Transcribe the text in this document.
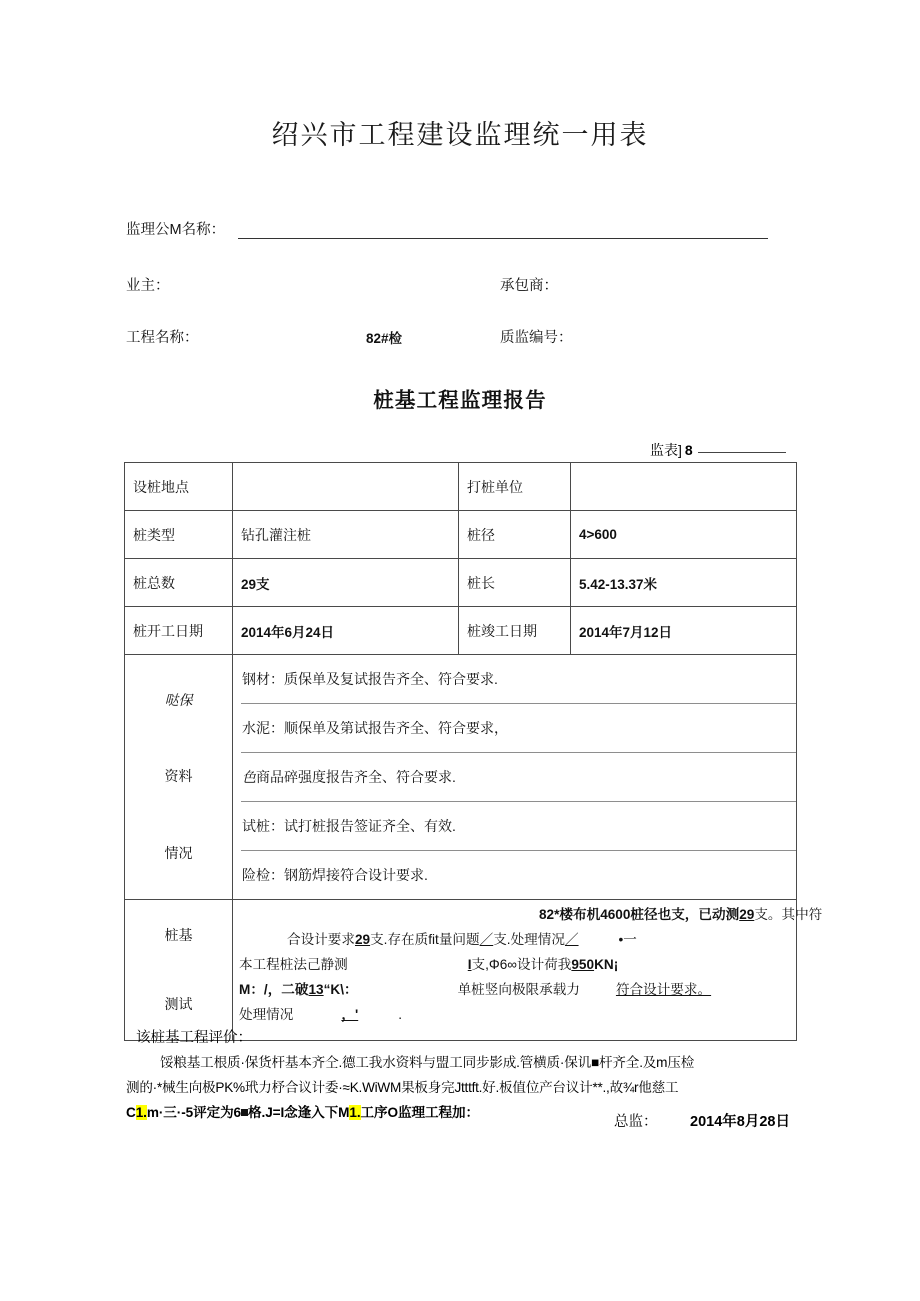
绍兴市工程建设监理统一用表
监理公M名称：
业主：	承包商：
工程名称：	82#检	质监编号：
桩基工程监理报告
监表] 8
设桩地点		打桩单位	
桩类型	钻孔灌注桩	桩径	4>600
桩总数	29支	桩长	5.42-13.37米
桩开工日期	2014年6月24日	桩竣工日期	2014年7月12日

哒保
资料
情况

钢材：质保单及复试报告齐全、符合要求.
水泥：顺保单及第试报告齐全、符合要求，
色商品碎强度报告齐全、符合要求.
试桩：试打桩报告签证齐全、有效.
险检：钢筋焊接符合设计要求.

桩基
测试

82*楼布机4600桩径也支，已动测29支。其中符
合设计要求29支.存在质fit量问题／支.处理情况／	•一
本工程桩法己静测	I支,Φ6∞设计荷我950KN¡
M：/，二破13“K\：	单桩竖向极限承载力	符合设计要求。
处理情况	，'	.
该桩基工程评价：
馁粮基工根质·保货杆基本齐仝.德工我水资料与盟工同步影成.管横质·保讥■杆齐全.及m压检
测的·*械生向极PK%玳力杼合议计委·≈K.WiWM果板身完Jtttft.好.板值位产台议计**.,故¾r他慈工
C1.m·三·-5评定为6 格.J=I念逢入下M1.工序O监理工程加：
总监： 2014年8月28日
